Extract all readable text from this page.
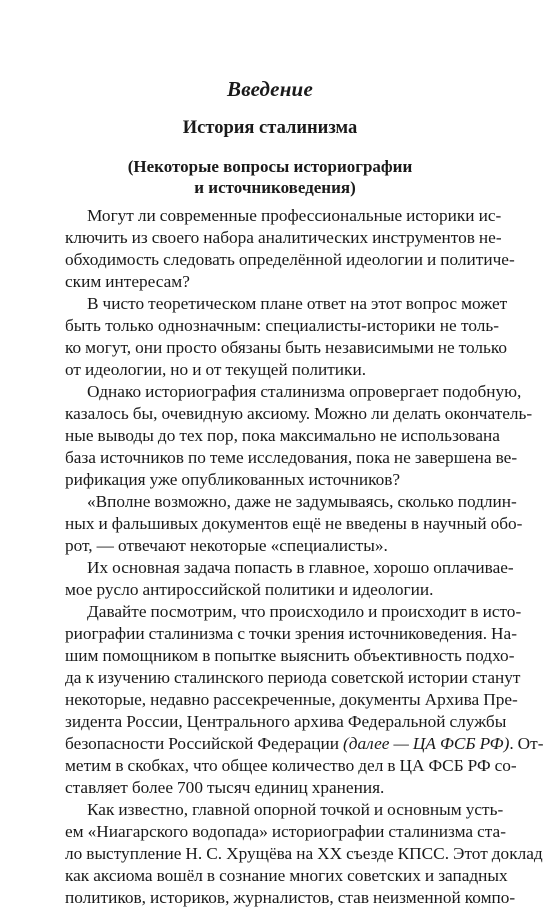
Введение
История сталинизма
(Некоторые вопросы историографии
и источниковедения)

Могут ли современные профессиональные историки ис-
ключить из своего набора аналитических инструментов не-
обходимость следовать определённой идеологии и политиче-
ским интересам?

В чисто теоретическом плане ответ на этот вопрос может
быть только однозначным: специалисты-историки не толь-
ко могут, они просто обязаны быть независимыми не только
от идеологии, но и от текущей политики.

Однако историография сталинизма опровергает подобную,
казалось бы, очевидную аксиому. Можно ли делать окончатель-
ные выводы до тех пор, пока максимально не использована
база источников по теме исследования, пока не завершена ве-
рификация уже опубликованных источников?

«Вполне возможно, даже не задумываясь, сколько подлин-
ных и фальшивых документов ещё не введены в научный обо-
рот, — отвечают некоторые «специалисты».

Их основная задача попасть в главное, хорошо оплачивае-
мое русло антироссийской политики и идеологии.

Давайте посмотрим, что происходило и происходит в исто-
риографии сталинизма с точки зрения источниковедения. На-
шим помощником в попытке выяснить объективность подхо-
да к изучению сталинского периода советской истории станут
некоторые, недавно рассекреченные, документы Архива Пре-
зидента России, Центрального архива Федеральной службы
безопасности Российской Федерации (далее — ЦА ФСБ РФ). От-
метим в скобках, что общее количество дел в ЦА ФСБ РФ со-
ставляет более 700 тысяч единиц хранения.

Как известно, главной опорной точкой и основным усть-
ем «Ниагарского водопада» историографии сталинизма ста-
ло выступление Н. С. Хрущёва на XX съезде КПСС. Этот доклад
как аксиома вошёл в сознание многих советских и западных
политиков, историков, журналистов, став неизменной компо-
